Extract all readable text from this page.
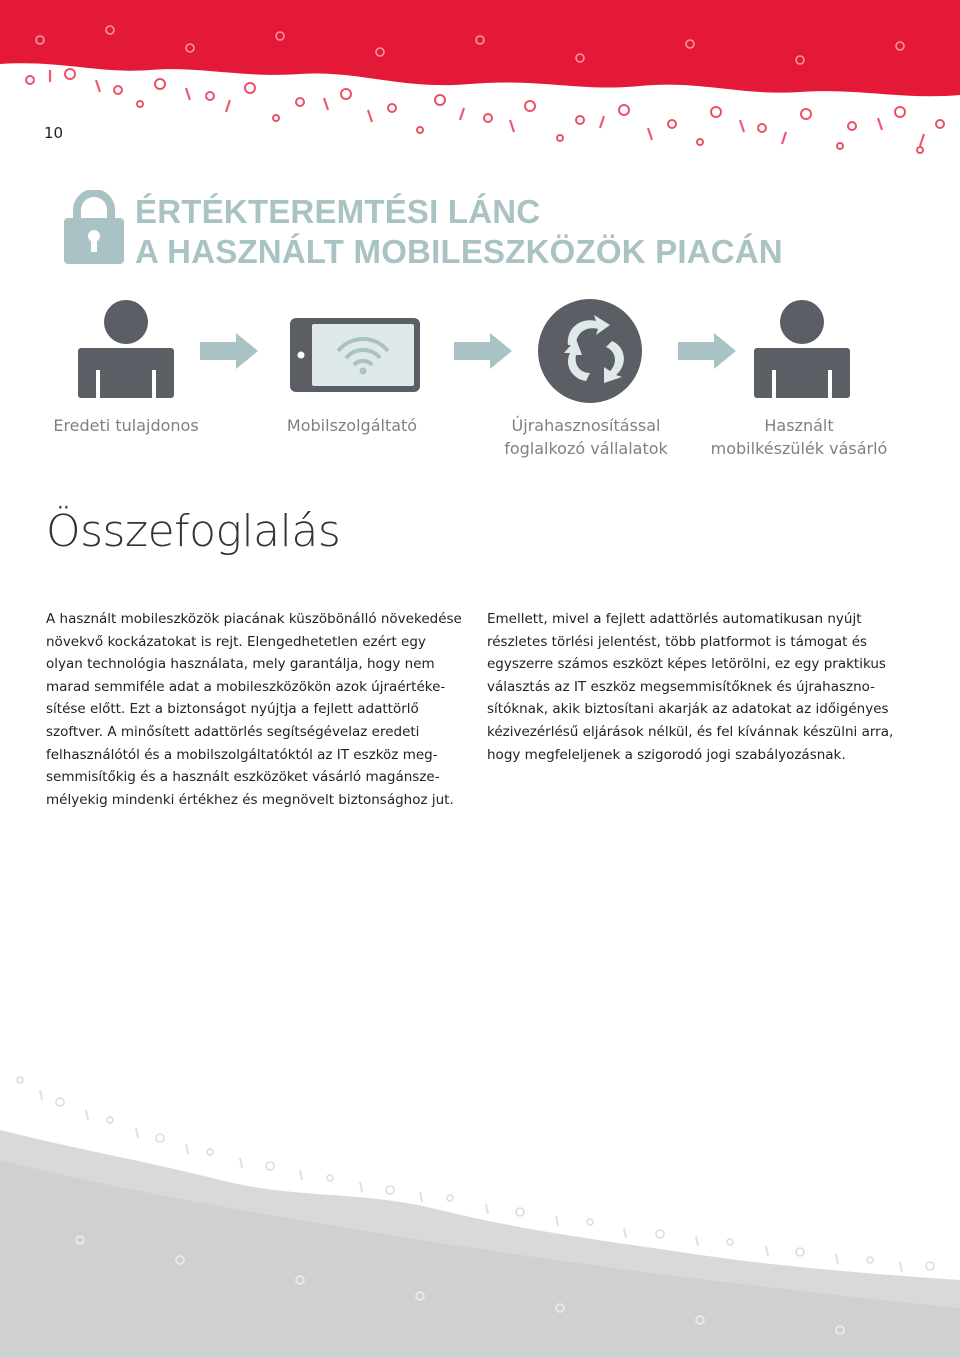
10
ÉRTÉKTEREMTÉSI LÁNC
A HASZNÁLT MOBILESZKÖZÖK PIACÁN
Eredeti tulajdonos	Mobilszolgáltató	Újrahasznosítással
foglalkozó vállalatok
Használt
mobilkészülék vásárló
Összefoglalás
A használt mobileszközök piacának küszöbönálló növekedése
növekvő kockázatokat is rejt. Elengedhetetlen ezért egy
olyan technológia használata, mely garantálja, hogy nem
marad semmiféle adat a mobileszközökön azok újraértéke-
sítése előtt. Ezt a biztonságot nyújtja a fejlett adattörlő
szoftver. A minősített adattörlés segítségévelaz eredeti
felhasználótól és a mobilszolgáltatóktól az IT eszköz meg-
semmisítőkig és a használt eszközöket vásárló magánsze-
mélyekig mindenki értékhez és megnövelt biztonsághoz jut.
Emellett, mivel a fejlett adattörlés automatikusan nyújt
részletes törlési jelentést, több platformot is támogat és
egyszerre számos eszközt képes letörölni, ez egy praktikus
választás az IT eszköz megsemmisítőknek és újrahaszno-
sítóknak, akik biztosítani akarják az adatokat az időigényes
kézivezérlésű eljárások nélkül, és fel kívánnak készülni arra,
hogy megfeleljenek a szigorodó jogi szabályozásnak.
